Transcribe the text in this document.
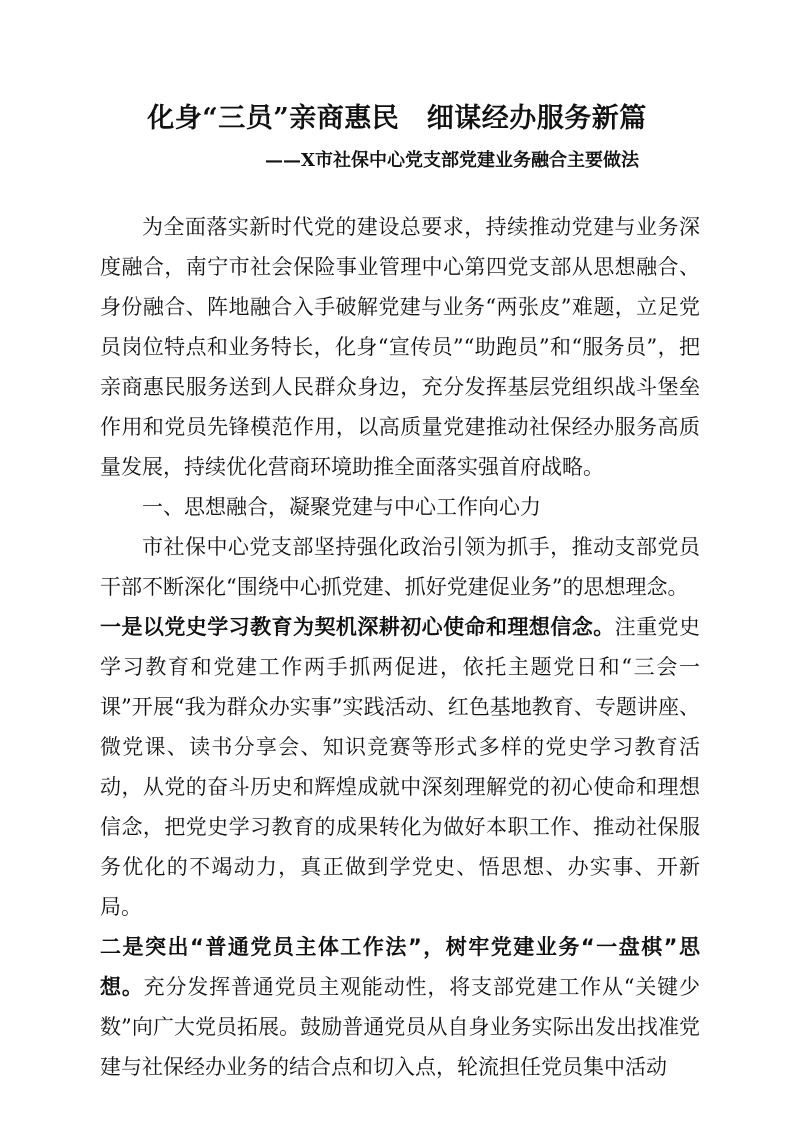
化身“三员”亲商惠民　细谋经办服务新篇
——X市社保中心党支部党建业务融合主要做法

为全面落实新时代党的建设总要求，持续推动党建与业务深度融合，南宁市社会保险事业管理中心第四党支部从思想融合、身份融合、阵地融合入手破解党建与业务“两张皮”难题，立足党员岗位特点和业务特长，化身“宣传员”“助跑员”和“服务员”，把亲商惠民服务送到人民群众身边，充分发挥基层党组织战斗堡垒作用和党员先锋模范作用，以高质量党建推动社保经办服务高质量发展，持续优化营商环境助推全面落实强首府战略。

一、思想融合，凝聚党建与中心工作向心力

市社保中心党支部坚持强化政治引领为抓手，推动支部党员干部不断深化“围绕中心抓党建、抓好党建促业务”的思想理念。

一是以党史学习教育为契机深耕初心使命和理想信念。注重党史学习教育和党建工作两手抓两促进，依托主题党日和“三会一课”开展“我为群众办实事”实践活动、红色基地教育、专题讲座、微党课、读书分享会、知识竞赛等形式多样的党史学习教育活动，从党的奋斗历史和辉煌成就中深刻理解党的初心使命和理想信念，把党史学习教育的成果转化为做好本职工作、推动社保服务优化的不竭动力，真正做到学党史、悟思想、办实事、开新局。

二是突出“普通党员主体工作法”，树牢党建业务“一盘棋”思想。充分发挥普通党员主观能动性，将支部党建工作从“关键少数”向广大党员拓展。鼓励普通党员从自身业务实际出发出找准党建与社保经办业务的结合点和切入点，轮流担任党员集中活动
